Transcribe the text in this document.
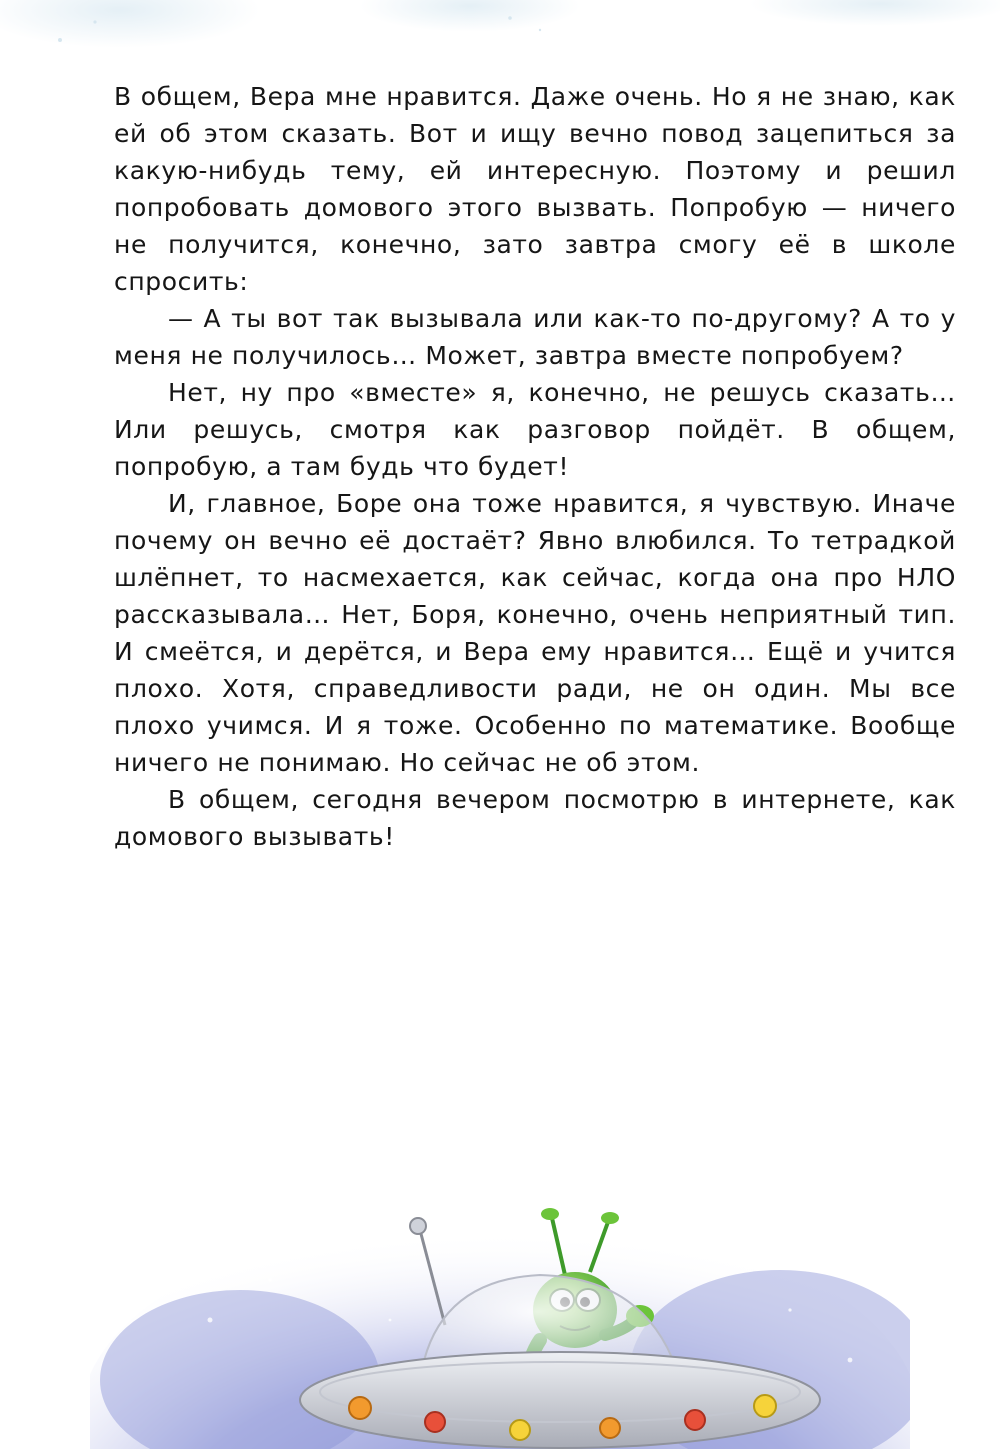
В общем, Вера мне нравится. Даже очень. Но я не знаю, как ей об этом сказать. Вот и ищу вечно повод зацепиться за какую-нибудь тему, ей интересную. Поэтому и решил попробовать домового этого вызвать. Попробую — ничего не получится, конечно, зато завтра смогу её в школе спросить:

— А ты вот так вызывала или как-то по-другому? А то у меня не получилось… Может, завтра вместе попробуем?

Нет, ну про «вместе» я, конечно, не решусь сказать… Или решусь, смотря как разговор пойдёт. В общем, попробую, а там будь что будет!

И, главное, Боре она тоже нравится, я чувствую. Иначе почему он вечно её достаёт? Явно влюбился. То тетрадкой шлёпнет, то насмехается, как сейчас, когда она про НЛО рассказывала… Нет, Боря, конечно, очень неприятный тип. И смеётся, и дерётся, и Вера ему нравится… Ещё и учится плохо. Хотя, справедливости ради, не он один. Мы все плохо учимся. И я тоже. Особенно по математике. Вообще ничего не понимаю. Но сейчас не об этом.

В общем, сегодня вечером посмотрю в интернете, как домового вызывать!
